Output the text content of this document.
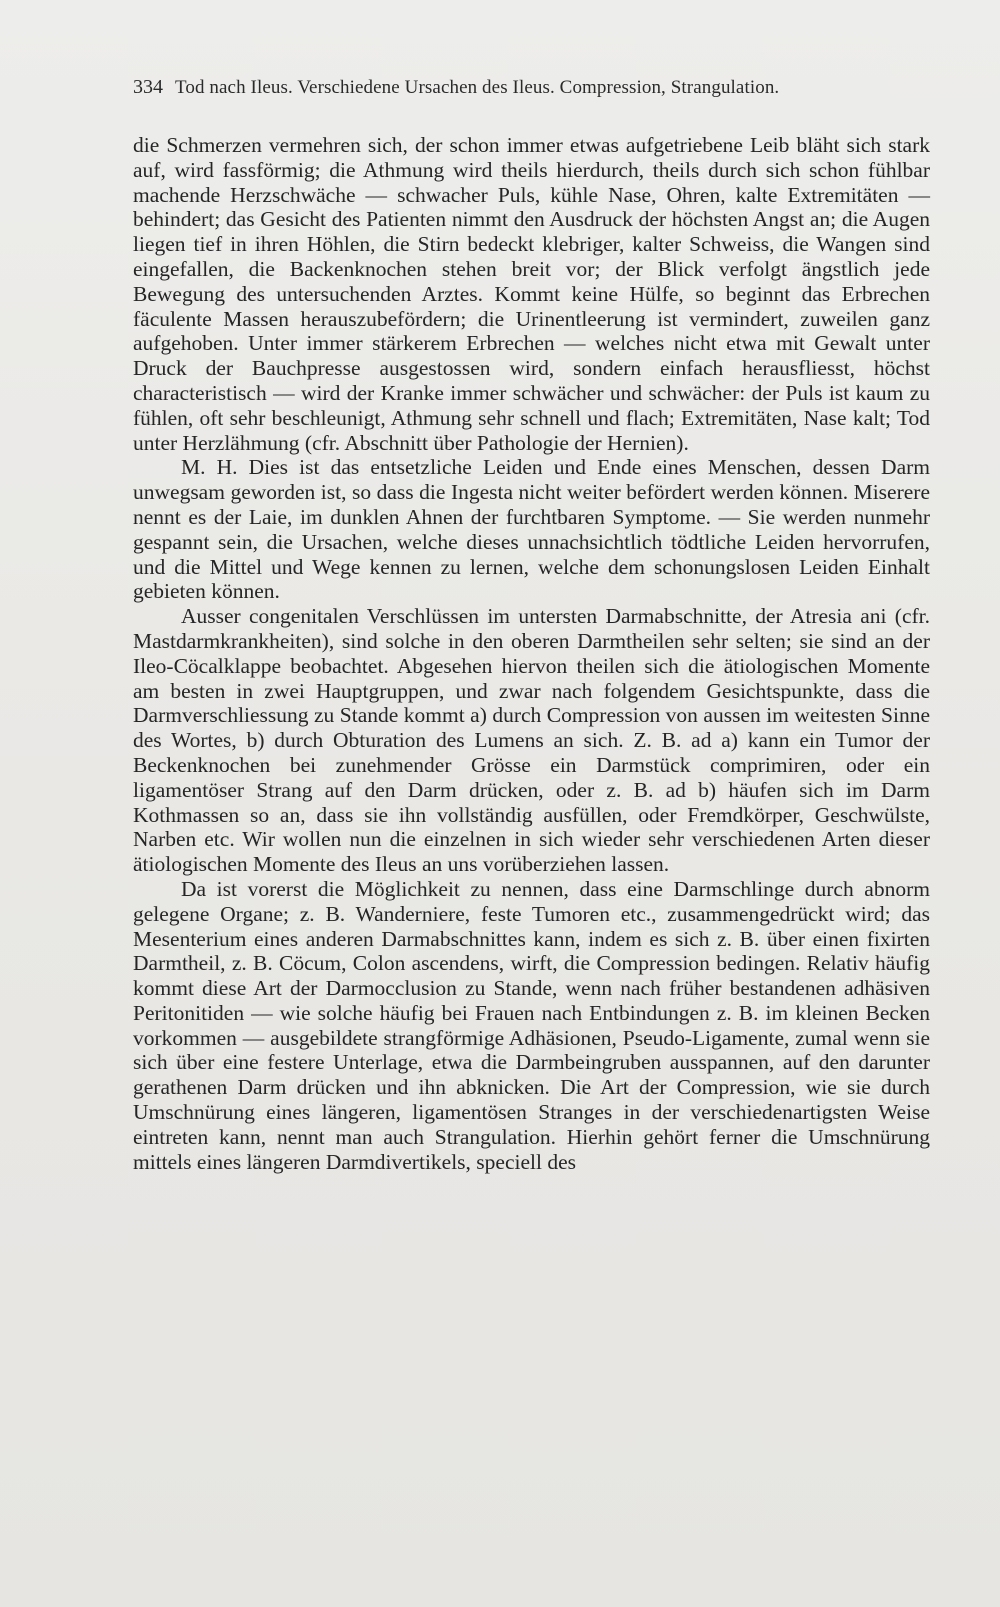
334 Tod nach Ileus. Verschiedene Ursachen des Ileus. Compression, Strangulation.

die Schmerzen vermehren sich, der schon immer etwas aufgetriebene Leib bläht sich stark auf, wird fassförmig; die Athmung wird theils hierdurch, theils durch sich schon fühlbar machende Herzschwäche — schwacher Puls, kühle Nase, Ohren, kalte Extremitäten — behindert; das Gesicht des Patienten nimmt den Ausdruck der höchsten Angst an; die Augen liegen tief in ihren Höhlen, die Stirn bedeckt klebriger, kalter Schweiss, die Wangen sind eingefallen, die Backenknochen stehen breit vor; der Blick verfolgt ängstlich jede Bewegung des untersuchenden Arztes. Kommt keine Hülfe, so beginnt das Erbrechen fäculente Massen herauszubefördern; die Urinentleerung ist vermindert, zuweilen ganz aufgehoben. Unter immer stärkerem Erbrechen — welches nicht etwa mit Gewalt unter Druck der Bauchpresse ausgestossen wird, sondern einfach herausfliesst, höchst characteristisch — wird der Kranke immer schwächer und schwächer: der Puls ist kaum zu fühlen, oft sehr beschleunigt, Athmung sehr schnell und flach; Extremitäten, Nase kalt; Tod unter Herzlähmung (cfr. Abschnitt über Pathologie der Hernien).

M. H. Dies ist das entsetzliche Leiden und Ende eines Menschen, dessen Darm unwegsam geworden ist, so dass die Ingesta nicht weiter befördert werden können. Miserere nennt es der Laie, im dunklen Ahnen der furchtbaren Symptome. — Sie werden nunmehr gespannt sein, die Ursachen, welche dieses unnachsichtlich tödtliche Leiden hervorrufen, und die Mittel und Wege kennen zu lernen, welche dem schonungslosen Leiden Einhalt gebieten können.

Ausser congenitalen Verschlüssen im untersten Darmabschnitte, der Atresia ani (cfr. Mastdarmkrankheiten), sind solche in den oberen Darmtheilen sehr selten; sie sind an der Ileo-Cöcalklappe beobachtet. Abgesehen hiervon theilen sich die ätiologischen Momente am besten in zwei Hauptgruppen, und zwar nach folgendem Gesichtspunkte, dass die Darmverschliessung zu Stande kommt a) durch Compression von aussen im weitesten Sinne des Wortes, b) durch Obturation des Lumens an sich. Z. B. ad a) kann ein Tumor der Beckenknochen bei zunehmender Grösse ein Darmstück comprimiren, oder ein ligamentöser Strang auf den Darm drücken, oder z. B. ad b) häufen sich im Darm Kothmassen so an, dass sie ihn vollständig ausfüllen, oder Fremdkörper, Geschwülste, Narben etc. Wir wollen nun die einzelnen in sich wieder sehr verschiedenen Arten dieser ätiologischen Momente des Ileus an uns vorüberziehen lassen.

Da ist vorerst die Möglichkeit zu nennen, dass eine Darmschlinge durch abnorm gelegene Organe; z. B. Wanderniere, feste Tumoren etc., zusammengedrückt wird; das Mesenterium eines anderen Darmabschnittes kann, indem es sich z. B. über einen fixirten Darmtheil, z. B. Cöcum, Colon ascendens, wirft, die Compression bedingen. Relativ häufig kommt diese Art der Darmocclusion zu Stande, wenn nach früher bestandenen adhäsiven Peritonitiden — wie solche häufig bei Frauen nach Entbindungen z. B. im kleinen Becken vorkommen — ausgebildete strangförmige Adhäsionen, Pseudo-Ligamente, zumal wenn sie sich über eine festere Unterlage, etwa die Darmbeingruben ausspannen, auf den darunter gerathenen Darm drücken und ihn abknicken. Die Art der Compression, wie sie durch Umschnürung eines längeren, ligamentösen Stranges in der verschiedenartigsten Weise eintreten kann, nennt man auch Strangulation. Hierhin gehört ferner die Umschnürung mittels eines längeren Darmdivertikels, speciell des
